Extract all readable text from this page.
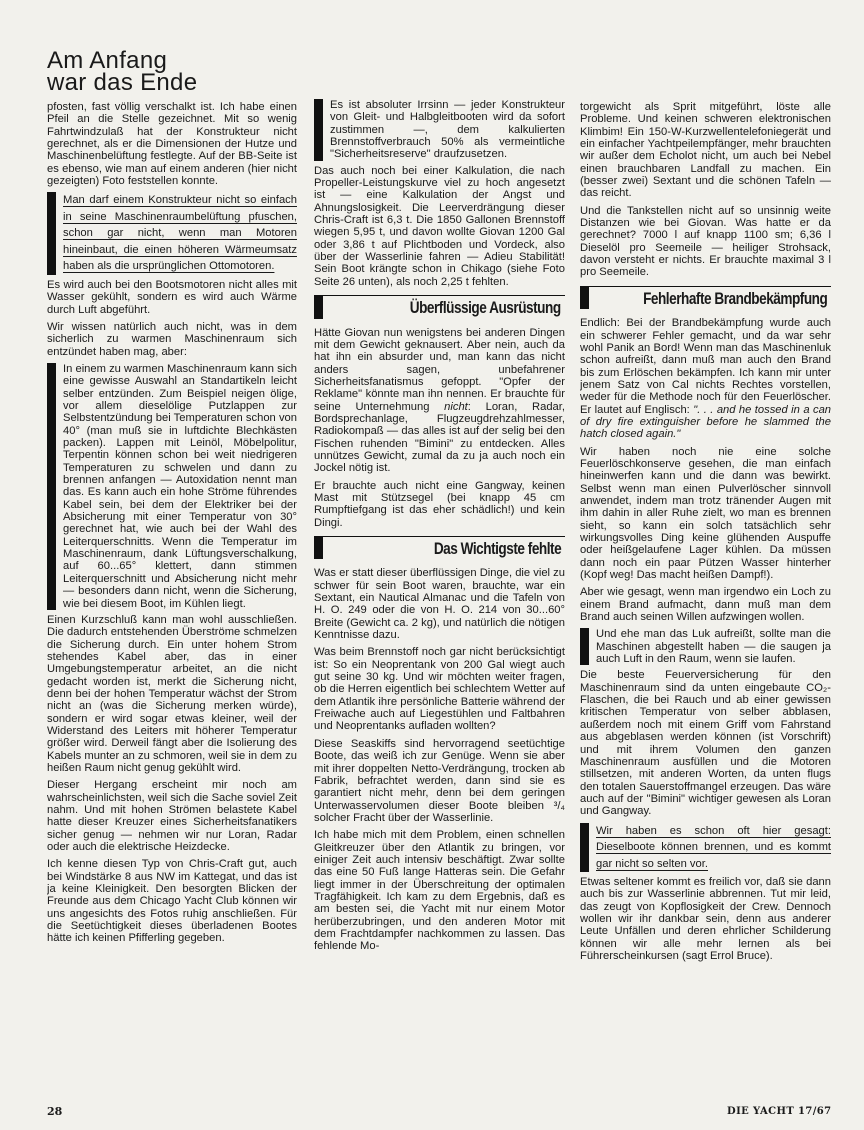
Am Anfang
war das Ende

pfosten, fast völlig verschalkt ist. Ich habe einen Pfeil an die Stelle gezeichnet. Mit so wenig Fahrtwindzulaß hat der Konstrukteur nicht gerechnet, als er die Dimensionen der Hutze und Maschinenbelüftung festlegte. Auf der BB-Seite ist es ebenso, wie man auf einem anderen (hier nicht gezeigten) Foto feststellen konnte.

Man darf einem Konstrukteur nicht so einfach in seine Maschinenraumbelüftung pfuschen, schon gar nicht, wenn man Motoren hineinbaut, die einen höheren Wärmeumsatz haben als die ursprünglichen Ottomotoren.

Es wird auch bei den Bootsmotoren nicht alles mit Wasser gekühlt, sondern es wird auch Wärme durch Luft abgeführt.

Wir wissen natürlich auch nicht, was in dem sicherlich zu warmen Maschinenraum sich entzündet haben mag, aber:

In einem zu warmen Maschinenraum kann sich eine gewisse Auswahl an Standartikeln leicht selber entzünden. Zum Beispiel neigen ölige, vor allem dieselölige Putzlappen zur Selbstentzündung bei Temperaturen schon von 40° (man muß sie in luftdichte Blechkästen packen). Lappen mit Leinöl, Möbelpolitur, Terpentin können schon bei weit niedrigeren Temperaturen zu schwelen und dann zu brennen anfangen — Autoxidation nennt man das. Es kann auch ein hohe Ströme führendes Kabel sein, bei dem der Elektriker bei der Absicherung mit einer Temperatur von 30° gerechnet hat, wie auch bei der Wahl des Leiterquerschnitts. Wenn die Temperatur im Maschinenraum, dank Lüftungsverschalkung, auf 60...65° klettert, dann stimmen Leiterquerschnitt und Absicherung nicht mehr — besonders dann nicht, wenn die Sicherung, wie bei diesem Boot, im Kühlen liegt.

Einen Kurzschluß kann man wohl ausschließen. Die dadurch entstehenden Überströme schmelzen die Sicherung durch. Ein unter hohem Strom stehendes Kabel aber, das in einer Umgebungstemperatur arbeitet, an die nicht gedacht worden ist, merkt die Sicherung nicht, denn bei der hohen Temperatur wächst der Strom nicht an (was die Sicherung merken würde), sondern er wird sogar etwas kleiner, weil der Widerstand des Leiters mit höherer Temperatur größer wird. Derweil fängt aber die Isolierung des Kabels munter an zu schmoren, weil sie in dem zu heißen Raum nicht genug gekühlt wird.

Dieser Hergang erscheint mir noch am wahrscheinlichsten, weil sich die Sache soviel Zeit nahm. Und mit hohen Strömen belastete Kabel hatte dieser Kreuzer eines Sicherheitsfanatikers sicher genug — nehmen wir nur Loran, Radar oder auch die elektrische Heizdecke.

Ich kenne diesen Typ von Chris-Craft gut, auch bei Windstärke 8 aus NW im Kattegat, und das ist ja keine Kleinigkeit. Den besorgten Blicken der Freunde aus dem Chicago Yacht Club können wir uns angesichts des Fotos ruhig anschließen. Für die Seetüchtigkeit dieses überladenen Bootes hätte ich keinen Pfifferling gegeben.

Es ist absoluter Irrsinn — jeder Konstrukteur von Gleit- und Halbgleitbooten wird da sofort zustimmen —, dem kalkulierten Brennstoffverbrauch 50% als vermeintliche "Sicherheitsreserve" draufzusetzen.

Das auch noch bei einer Kalkulation, die nach Propeller-Leistungskurve viel zu hoch angesetzt ist — eine Kalkulation der Angst und Ahnungslosigkeit. Die Leerverdrängung dieser Chris-Craft ist 6,3 t. Die 1850 Gallonen Brennstoff wiegen 5,95 t, und davon wollte Giovan 1200 Gal oder 3,86 t auf Plichtboden und Vordeck, also über der Wasserlinie fahren — Adieu Stabilität! Sein Boot krängte schon in Chikago (siehe Foto Seite 26 unten), als noch 2,25 t fehlten.

Überflüssige Ausrüstung

Hätte Giovan nun wenigstens bei anderen Dingen mit dem Gewicht geknausert. Aber nein, auch da hat ihn ein absurder und, man kann das nicht anders sagen, unbefahrener Sicherheitsfanatismus gefoppt. "Opfer der Reklame" könnte man ihn nennen. Er brauchte für seine Unternehmung nicht: Loran, Radar, Bordsprechanlage, Flugzeugdrehzahlmesser, Radiokompaß — das alles ist auf der selig bei den Fischen ruhenden "Bimini" zu entdecken. Alles unnützes Gewicht, zumal da zu ja auch noch ein Jockel nötig ist.

Er brauchte auch nicht eine Gangway, keinen Mast mit Stützsegel (bei knapp 45 cm Rumpftiefgang ist das eher schädlich!) und kein Dingi.

Das Wichtigste fehlte

Was er statt dieser überflüssigen Dinge, die viel zu schwer für sein Boot waren, brauchte, war ein Sextant, ein Nautical Almanac und die Tafeln von H. O. 249 oder die von H. O. 214 von 30...60° Breite (Gewicht ca. 2 kg), und natürlich die nötigen Kenntnisse dazu.

Was beim Brennstoff noch gar nicht berücksichtigt ist: So ein Neoprentank von 200 Gal wiegt auch gut seine 30 kg. Und wir möchten weiter fragen, ob die Herren eigentlich bei schlechtem Wetter auf dem Atlantik ihre persönliche Batterie während der Freiwache auch auf Liegestühlen und Faltbahren und Neoprentanks aufladen wollten?

Diese Seaskiffs sind hervorragend seetüchtige Boote, das weiß ich zur Genüge. Wenn sie aber mit ihrer doppelten Netto-Verdrängung, trocken ab Fabrik, befrachtet werden, dann sind sie es garantiert nicht mehr, denn bei dem geringen Unterwasservolumen dieser Boote bleiben ³/₄ solcher Fracht über der Wasserlinie.

Ich habe mich mit dem Problem, einen schnellen Gleitkreuzer über den Atlantik zu bringen, vor einiger Zeit auch intensiv beschäftigt. Zwar sollte das eine 50 Fuß lange Hatteras sein. Die Gefahr liegt immer in der Überschreitung der optimalen Tragfähigkeit. Ich kam zu dem Ergebnis, daß es am besten sei, die Yacht mit nur einem Motor herüberzubringen, und den anderen Motor mit dem Frachtdampfer nachkommen zu lassen. Das fehlende Mo-

torgewicht als Sprit mitgeführt, löste alle Probleme. Und keinen schweren elektronischen Klimbim! Ein 150-W-Kurzwellentelefoniegerät und ein einfacher Yachtpeilempfänger, mehr brauchten wir außer dem Echolot nicht, um auch bei Nebel einen brauchbaren Landfall zu machen. Ein (besser zwei) Sextant und die schönen Tafeln — das reicht.

Und die Tankstellen nicht auf so unsinnig weite Distanzen wie bei Giovan. Was hatte er da gerechnet? 7000 l auf knapp 1100 sm; 6,36 l Dieselöl pro Seemeile — heiliger Strohsack, davon versteht er nichts. Er brauchte maximal 3 l pro Seemeile.

Fehlerhafte Brandbekämpfung

Endlich: Bei der Brandbekämpfung wurde auch ein schwerer Fehler gemacht, und da war sehr wohl Panik an Bord! Wenn man das Maschinenluk schon aufreißt, dann muß man auch den Brand bis zum Erlöschen bekämpfen. Ich kann mir unter jenem Satz von Cal nichts Rechtes vorstellen, weder für die Methode noch für den Feuerlöscher. Er lautet auf Englisch: ". . . and he tossed in a can of dry fire extinguisher before he slammed the hatch closed again."

Wir haben noch nie eine solche Feuerlöschkonserve gesehen, die man einfach hineinwerfen kann und die dann was bewirkt. Selbst wenn man einen Pulverlöscher sinnvoll anwendet, indem man trotz tränender Augen mit ihm dahin in aller Ruhe zielt, wo man es brennen sieht, so kann ein solch tatsächlich sehr wirkungsvolles Ding keine glühenden Auspuffe oder heißgelaufene Lager kühlen. Da müssen dann noch ein paar Pützen Wasser hinterher (Kopf weg! Das macht heißen Dampf!).

Aber wie gesagt, wenn man irgendwo ein Loch zu einem Brand aufmacht, dann muß man dem Brand auch seinen Willen aufzwingen wollen.

Und ehe man das Luk aufreißt, sollte man die Maschinen abgestellt haben — die saugen ja auch Luft in den Raum, wenn sie laufen.

Die beste Feuerversicherung für den Maschinenraum sind da unten eingebaute CO₂-Flaschen, die bei Rauch und ab einer gewissen kritischen Temperatur von selber abblasen, außerdem noch mit einem Griff vom Fahrstand aus abgeblasen werden können (ist Vorschrift) und mit ihrem Volumen den ganzen Maschinenraum ausfüllen und die Motoren stillsetzen, mit anderen Worten, da unten flugs den totalen Sauerstoffmangel erzeugen. Das wäre auch auf der "Bimini" wichtiger gewesen als Loran und Gangway.

Wir haben es schon oft hier gesagt: Dieselboote können brennen, und es kommt gar nicht so selten vor.

Etwas seltener kommt es freilich vor, daß sie dann auch bis zur Wasserlinie abbrennen. Tut mir leid, das zeugt von Kopflosigkeit der Crew. Dennoch wollen wir ihr dankbar sein, denn aus anderer Leute Unfällen und deren ehrlicher Schilderung können wir alle mehr lernen als bei Führerscheinkursen (sagt Errol Bruce).

28	DIE YACHT 17/67
